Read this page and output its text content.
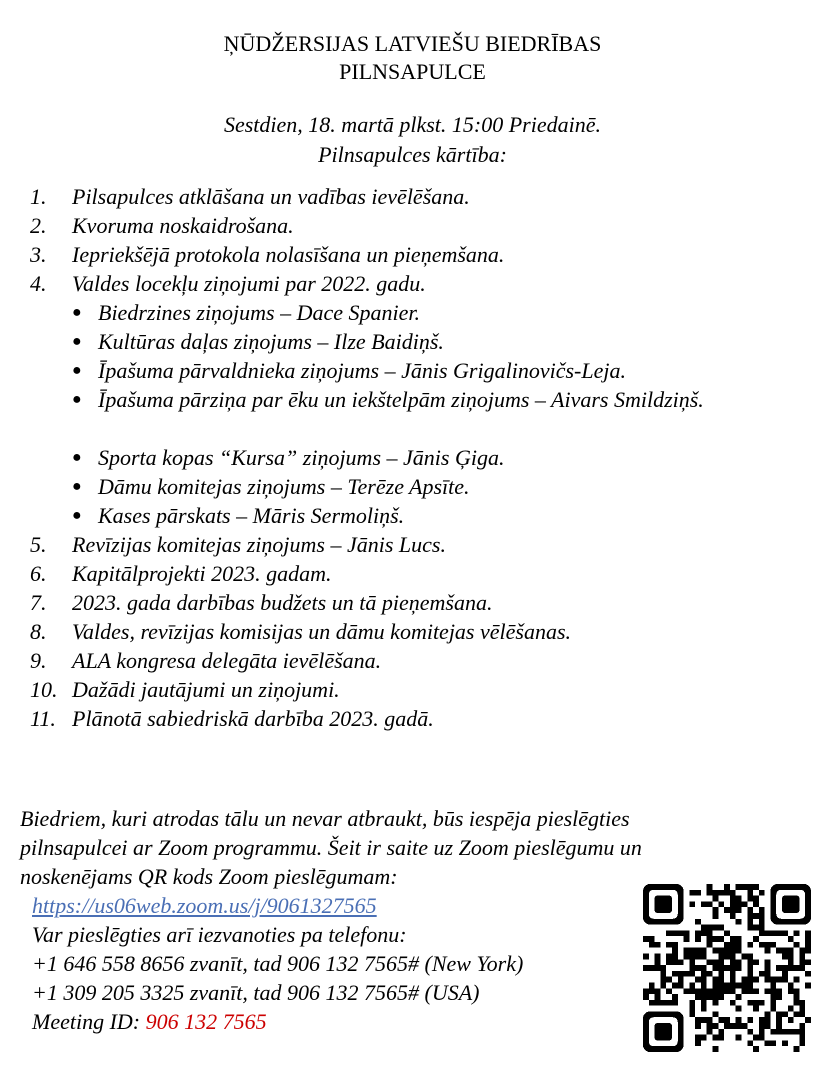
ŅŪDŽERSIJAS LATVIEŠU BIEDRĪBAS
PILNSAPULCE
Sestdien, 18. martā plkst. 15:00 Priedainē.
Pilnsapulces kārtība:
1.	Pilsapulces atklāšana un vadības ievēlēšana.
2.	Kvoruma noskaidrošana.
3.	Iepriekšējā protokola nolasīšana un pieņemšana.
4.	Valdes locekļu ziņojumi par 2022. gadu.
● Biedrzines ziņojums – Dace Spanier.
● Kultūras daļas ziņojums – Ilze Baidiņš.
● Īpašuma pārvaldnieka ziņojums – Jānis Grigalinovičs-Leja.
● Īpašuma pārziņa par ēku un iekštelpām ziņojums – Aivars Smildziņš.
● Sporta kopas “Kursa” ziņojums – Jānis Ģiga.
● Dāmu komitejas ziņojums – Terēze Apsīte.
● Kases pārskats – Māris Sermoliņš.
5.	Revīzijas komitejas ziņojums – Jānis Lucs.
6.	Kapitālprojekti 2023. gadam.
7.	2023. gada darbības budžets un tā pieņemšana.
8.	Valdes, revīzijas komisijas un dāmu komitejas vēlēšanas.
9.	ALA kongresa delegāta ievēlēšana.
10. Dažādi jautājumi un ziņojumi.
11. Plānotā sabiedriskā darbība 2023. gadā.
Biedriem, kuri atrodas tālu un nevar atbraukt, būs iespēja pieslēgties
pilnsapulcei ar Zoom programmu. Šeit ir saite uz Zoom pieslēgumu un
noskenējams QR kods Zoom pieslēgumam:
https://us06web.zoom.us/j/9061327565
Var pieslēgties arī iezvanoties pa telefonu:
+1 646 558 8656 zvanīt, tad 906 132 7565# (New York)
+1 309 205 3325 zvanīt, tad 906 132 7565# (USA)
Meeting ID: 906 132 7565
